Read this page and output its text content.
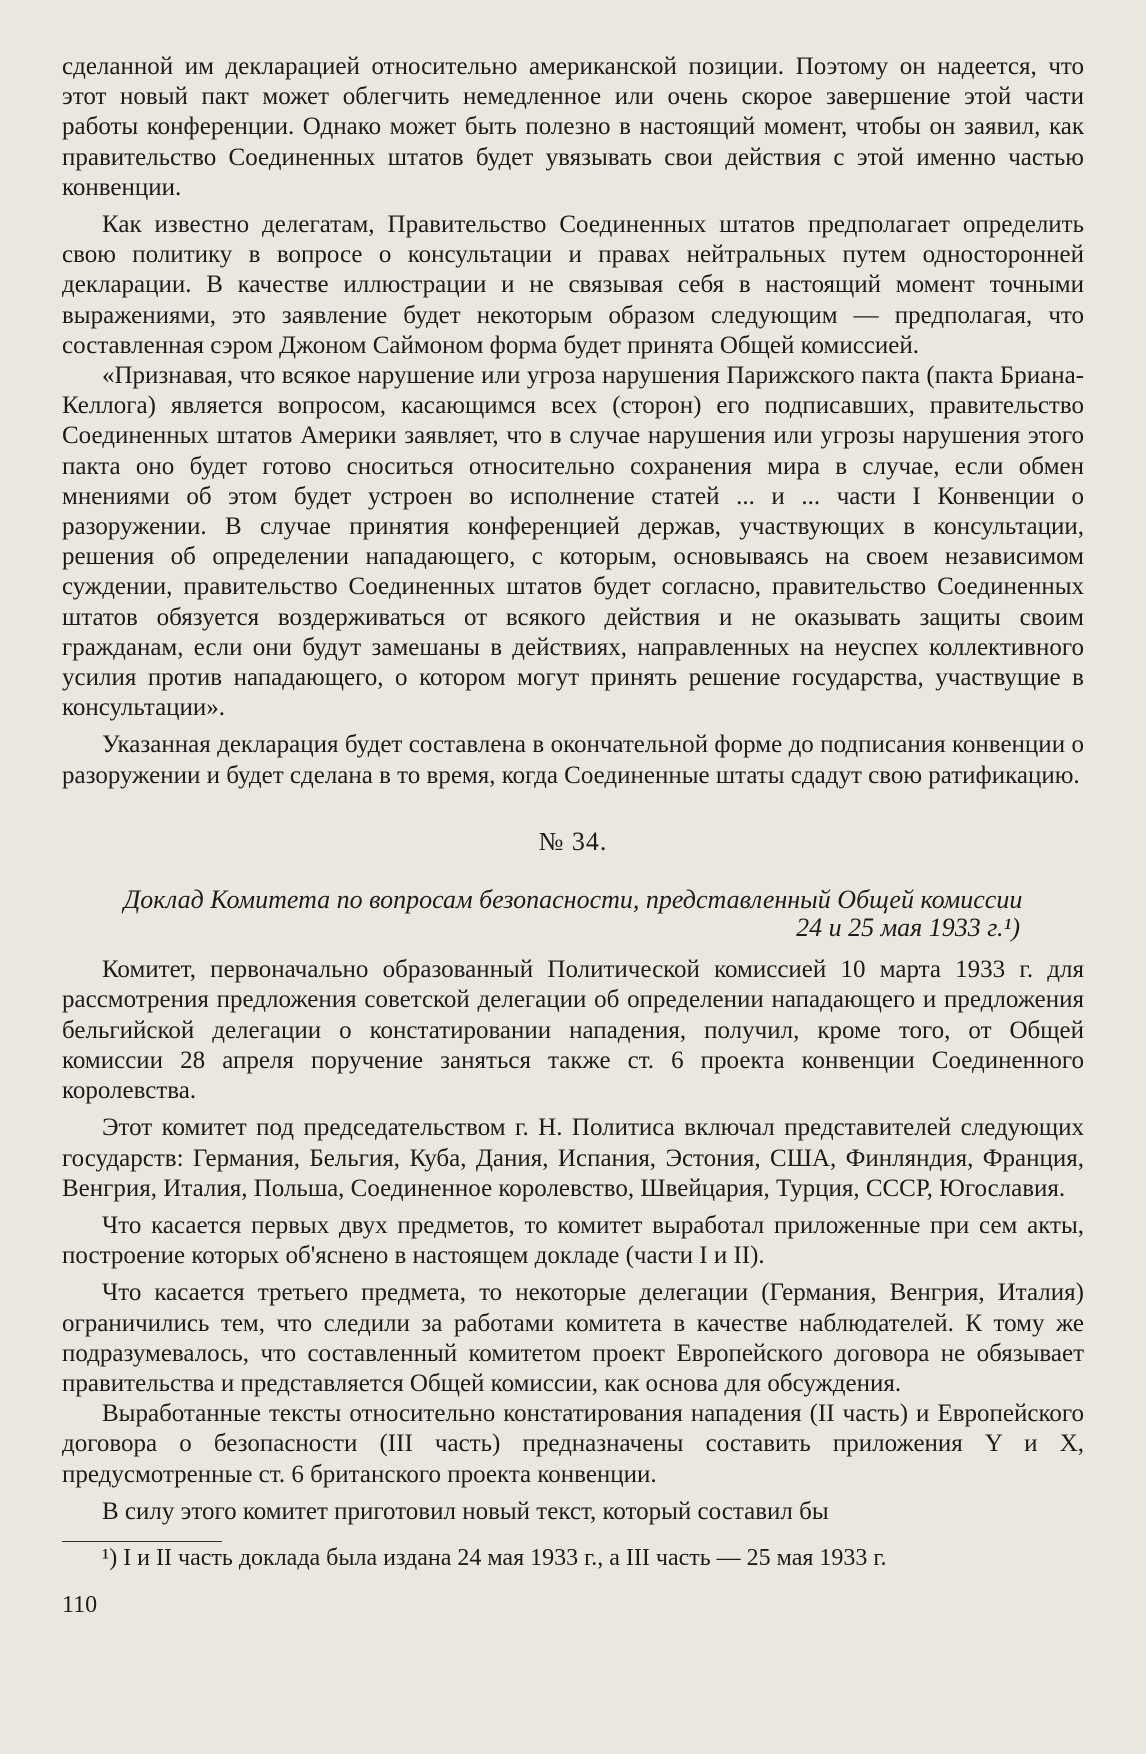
сделанной им декларацией относительно американской позиции. Поэтому он надеется, что этот новый пакт может облегчить немедленное или очень скорое завершение этой части работы конференции. Однако может быть полезно в настоящий момент, чтобы он заявил, как правительство Соединенных штатов будет увязывать свои действия с этой именно частью конвенции.

Как известно делегатам, Правительство Соединенных штатов предполагает определить свою политику в вопросе о консультации и правах нейтральных путем односторонней декларации. В качестве иллюстрации и не связывая себя в настоящий момент точными выражениями, это заявление будет некоторым образом следующим — предполагая, что составленная сэром Джоном Саймоном форма будет принята Общей комиссией.

«Признавая, что всякое нарушение или угроза нарушения Парижского пакта (пакта Бриана-Келлога) является вопросом, касающимся всех (сторон) его подписавших, правительство Соединенных штатов Америки заявляет, что в случае нарушения или угрозы нарушения этого пакта оно будет готово сноситься относительно сохранения мира в случае, если обмен мнениями об этом будет устроен во исполнение статей ... и ... части I Конвенции о разоружении. В случае принятия конференцией держав, участвующих в консультации, решения об определении нападающего, с которым, основываясь на своем независимом суждении, правительство Соединенных штатов будет согласно, правительство Соединенных штатов обязуется воздерживаться от всякого действия и не оказывать защиты своим гражданам, если они будут замешаны в действиях, направленных на неуспех коллективного усилия против нападающего, о котором могут принять решение государства, участвущие в консультации».

Указанная декларация будет составлена в окончательной форме до подписания конвенции о разоружении и будет сделана в то время, когда Соединенные штаты сдадут свою ратификацию.

№ 34.
Доклад Комитета по вопросам безопасности, представленный Общей комиссии
24 и 25 мая 1933 г.¹)

Комитет, первоначально образованный Политической комиссией 10 марта 1933 г. для рассмотрения предложения советской делегации об определении нападающего и предложения бельгийской делегации о констатировании нападения, получил, кроме того, от Общей комиссии 28 апреля поручение заняться также ст. 6 проекта конвенции Соединенного королевства.

Этот комитет под председательством г. Н. Политиса включал представителей следующих государств: Германия, Бельгия, Куба, Дания, Испания, Эстония, США, Финляндия, Франция, Венгрия, Италия, Польша, Соединенное королевство, Швейцария, Турция, СССР, Югославия.

Что касается первых двух предметов, то комитет выработал приложенные при сем акты, построение которых об'яснено в настоящем докладе (части I и II).

Что касается третьего предмета, то некоторые делегации (Германия, Венгрия, Италия) ограничились тем, что следили за работами комитета в качестве наблюдателей. К тому же подразумевалось, что составленный комитетом проект Европейского договора не обязывает правительства и представляется Общей комиссии, как основа для обсуждения.

Выработанные тексты относительно констатирования нападения (II часть) и Европейского договора о безопасности (III часть) предназначены составить приложения Y и X, предусмотренные ст. 6 британского проекта конвенции.

В силу этого комитет приготовил новый текст, который составил бы

¹) I и II часть доклада была издана 24 мая 1933 г., а III часть — 25 мая 1933 г.

110
